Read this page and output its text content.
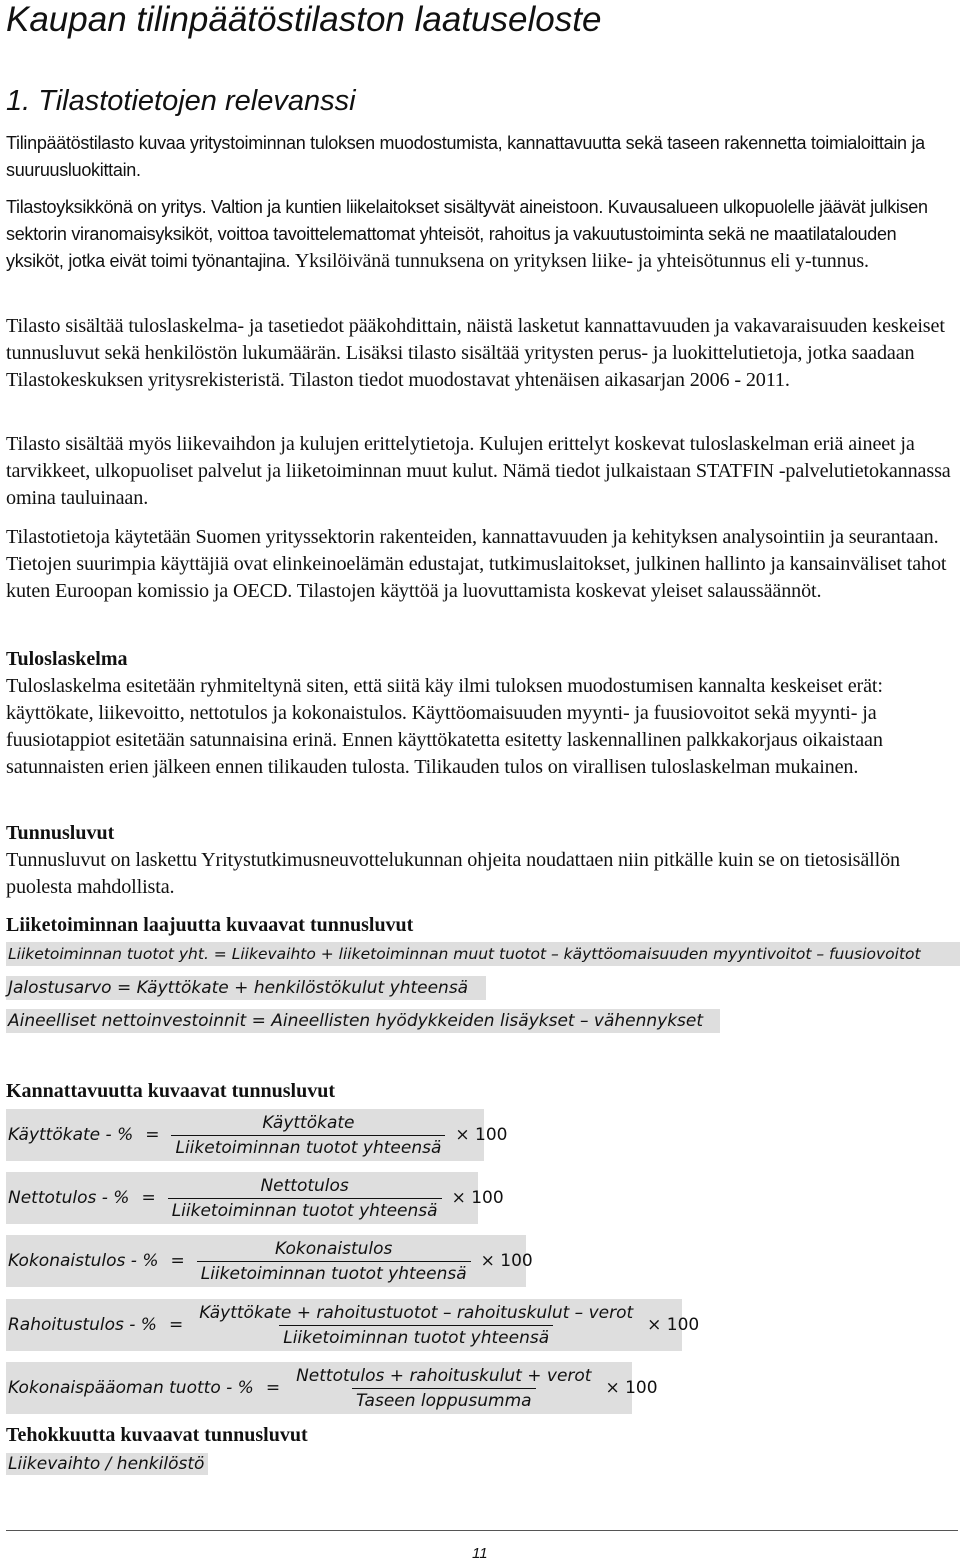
Kaupan tilinpäätöstilaston laatuseloste
1. Tilastotietojen relevanssi

Tilinpäätöstilasto kuvaa yritystoiminnan tuloksen muodostumista, kannattavuutta sekä taseen rakennetta toimialoittain ja suuruusluokittain.

Tilastoyksikkönä on yritys. Valtion ja kuntien liikelaitokset sisältyvät aineistoon. Kuvausalueen ulkopuolelle jäävät julkisen sektorin viranomaisyksiköt, voittoa tavoittelemattomat yhteisöt, rahoitus ja vakuutustoiminta sekä ne maatilatalouden yksiköt, jotka eivät toimi työnantajina. Yksilöivänä tunnuksena on yrityksen liike- ja yhteisötunnus eli y-tunnus.

Tilasto sisältää tuloslaskelma- ja tasetiedot pääkohdittain, näistä lasketut kannattavuuden ja vakavaraisuuden keskeiset tunnusluvut sekä henkilöstön lukumäärän. Lisäksi tilasto sisältää yritysten perus- ja luokittelutietoja, jotka saadaan Tilastokeskuksen yritysrekisteristä. Tilaston tiedot muodostavat yhtenäisen aikasarjan 2006 - 2011.

Tilasto sisältää myös liikevaihdon ja kulujen erittelytietoja. Kulujen erittelyt koskevat tuloslaskelman eriä aineet ja tarvikkeet, ulkopuoliset palvelut ja liiketoiminnan muut kulut. Nämä tiedot julkaistaan STATFIN -palvelutietokannassa omina tauluinaan.

Tilastotietoja käytetään Suomen yrityssektorin rakenteiden, kannattavuuden ja kehityksen analysointiin ja seurantaan. Tietojen suurimpia käyttäjiä ovat elinkeinoelämän edustajat, tutkimuslaitokset, julkinen hallinto ja kansainväliset tahot kuten Euroopan komissio ja OECD. Tilastojen käyttöä ja luovuttamista koskevat yleiset salaussäännöt.

Tuloslaskelma

Tuloslaskelma esitetään ryhmiteltynä siten, että siitä käy ilmi tuloksen muodostumisen kannalta keskeiset erät: käyttökate, liikevoitto, nettotulos ja kokonaistulos. Käyttöomaisuuden myynti- ja fuusiovoitot sekä myynti- ja fuusiotappiot esitetään satunnaisina erinä. Ennen käyttökatetta esitetty laskennallinen palkkakorjaus oikaistaan satunnaisten erien jälkeen ennen tilikauden tulosta. Tilikauden tulos on virallisen tuloslaskelman mukainen.

Tunnusluvut

Tunnusluvut on laskettu Yritystutkimusneuvottelukunnan ohjeita noudattaen niin pitkälle kuin se on tietosisällön puolesta mahdollista.

Liiketoiminnan laajuutta kuvaavat tunnusluvut
Liiketoiminnan tuotot yht. = Liikevaihto + liiketoiminnan muut tuotot – käyttöomaisuuden myyntivoitot – fuusiovoitot
Jalostusarvo = Käyttökate + henkilöstökulut yhteensä
Aineelliset nettoinvestoinnit = Aineellisten hyödykkeiden lisäykset – vähennykset
Kannattavuutta kuvaavat tunnusluvut
Käyttökate - % = $\frac{\text{Käyttökate}}{\text{Liiketoiminnan tuotot yhteensä}} \times 100$
Nettotulos - % = $\frac{\text{Nettotulos}}{\text{Liiketoiminnan tuotot yhteensä}} \times 100$
Kokonaistulos - % = $\frac{\text{Kokonaistulos}}{\text{Liiketoiminnan tuotot yhteensä}} \times 100$
Rahoitustulos - % = $\frac{\text{Käyttökate + rahoitustuotot – rahoituskulut – verot}}{\text{Liiketoiminnan tuotot yhteensä}} \times 100$
Kokonaispääoman tuotto - % = $\frac{\text{Nettotulos + rahoituskulut + verot}}{\text{Taseen loppusumma}} \times 100$
Tehokkuutta kuvaavat tunnusluvut
Liikevaihto / henkilöstö
11
